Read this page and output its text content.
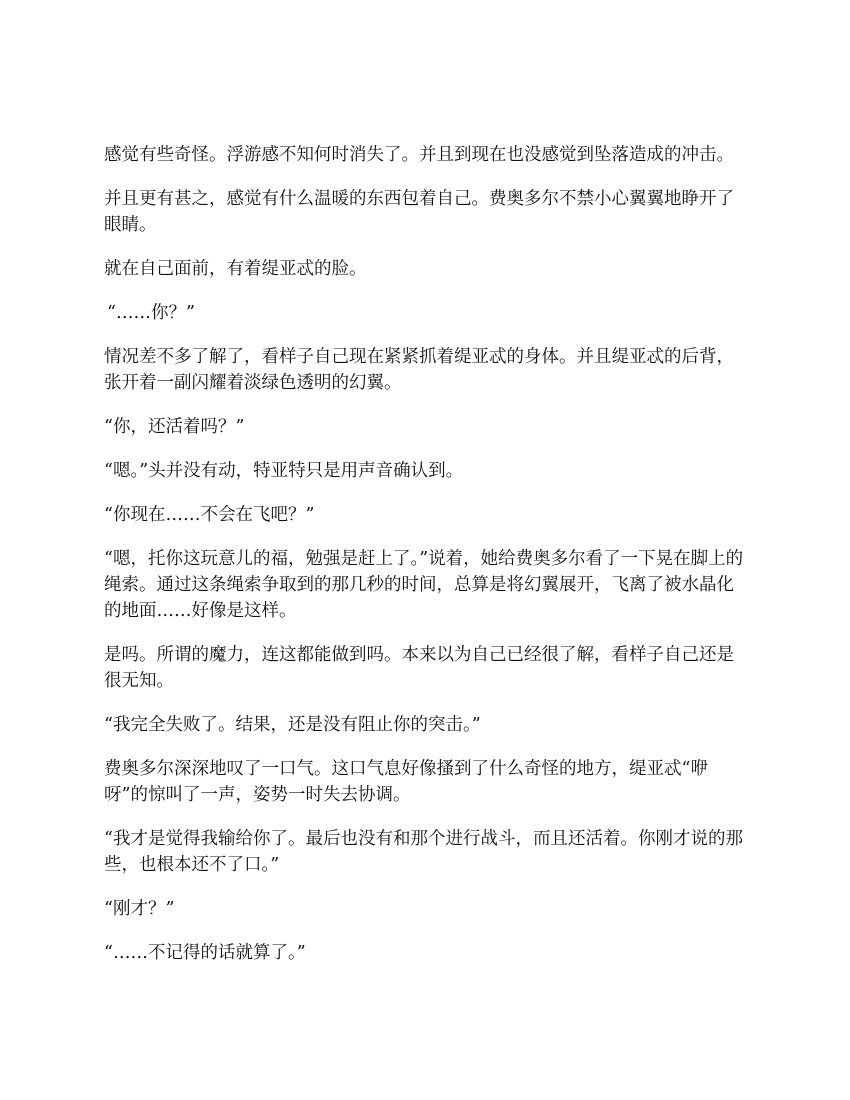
感觉有些奇怪。浮游感不知何时消失了。并且到现在也没感觉到坠落造成的冲击。

并且更有甚之，感觉有什么温暖的东西包着自己。费奥多尔不禁小心翼翼地睁开了眼睛。

就在自己面前，有着缇亚忒的脸。

“……你？”

情况差不多了解了，看样子自己现在紧紧抓着缇亚忒的身体。并且缇亚忒的后背，张开着一副闪耀着淡绿色透明的幻翼。

“你，还活着吗？”

“嗯。”头并没有动，特亚特只是用声音确认到。

“你现在……不会在飞吧？”

“嗯，托你这玩意儿的福，勉强是赶上了。”说着，她给费奥多尔看了一下晃在脚上的绳索。通过这条绳索争取到的那几秒的时间，总算是将幻翼展开，飞离了被水晶化的地面……好像是这样。

是吗。所谓的魔力，连这都能做到吗。本来以为自己已经很了解，看样子自己还是很无知。

“我完全失败了。结果，还是没有阻止你的突击。”

费奥多尔深深地叹了一口气。这口气息好像搔到了什么奇怪的地方，缇亚忒“咿呀”的惊叫了一声，姿势一时失去协调。

“我才是觉得我输给你了。最后也没有和那个进行战斗，而且还活着。你刚才说的那些，也根本还不了口。”

“刚才？”

“……不记得的话就算了。”
